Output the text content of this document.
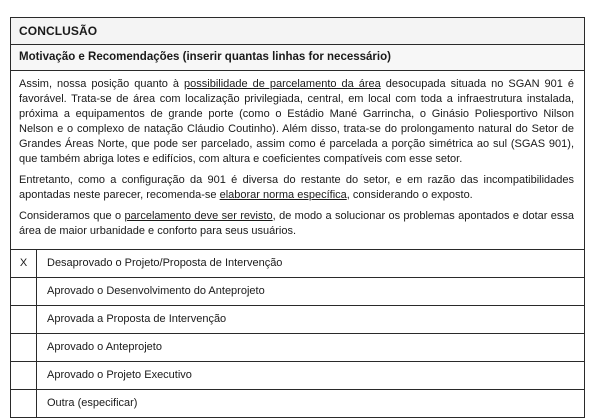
CONCLUSÃO
Motivação e Recomendações (inserir quantas linhas for necessário)

Assim, nossa posição quanto à possibilidade de parcelamento da área desocupada situada no SGAN 901 é favorável. Trata-se de área com localização privilegiada, central, em local com toda a infraestrutura instalada, próxima a equipamentos de grande porte (como o Estádio Mané Garrincha, o Ginásio Poliesportivo Nilson Nelson e o complexo de natação Cláudio Coutinho). Além disso, trata-se do prolongamento natural do Setor de Grandes Áreas Norte, que pode ser parcelado, assim como é parcelada a porção simétrica ao sul (SGAS 901), que também abriga lotes e edifícios, com altura e coeficientes compatíveis com esse setor.

Entretanto, como a configuração da 901 é diversa do restante do setor, e em razão das incompatibilidades apontadas neste parecer, recomenda-se elaborar norma específica, considerando o exposto.

Consideramos que o parcelamento deve ser revisto, de modo a solucionar os problemas apontados e dotar essa área de maior urbanidade e conforto para seus usuários.

X	Desaprovado o Projeto/Proposta de Intervenção
Aprovado o Desenvolvimento do Anteprojeto
Aprovada a Proposta de Intervenção
Aprovado o Anteprojeto
Aprovado o Projeto Executivo
Outra (especificar)
